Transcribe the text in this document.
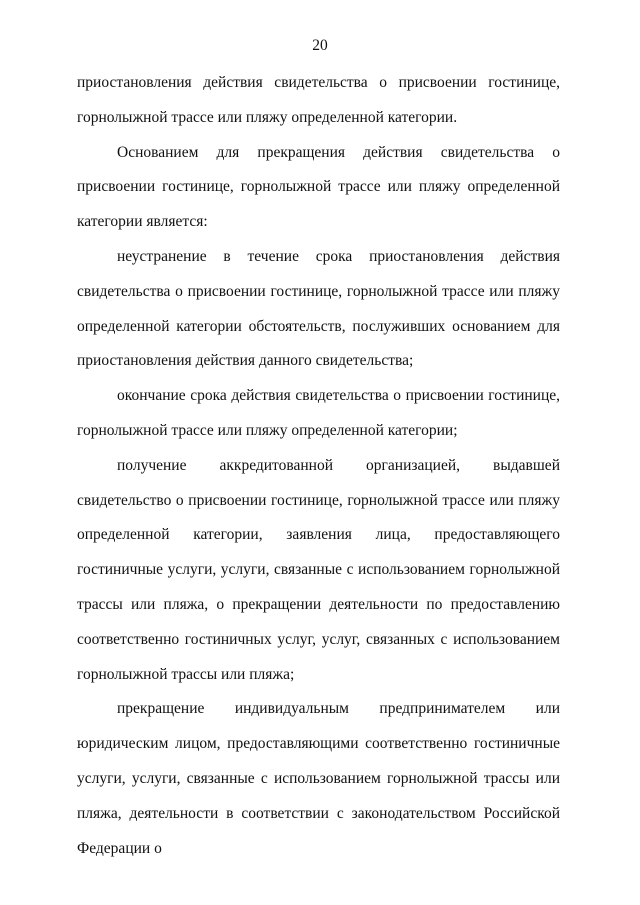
20

приостановления действия свидетельства о присвоении гостинице, горнолыжной трассе или пляжу определенной категории.

Основанием для прекращения действия свидетельства о присвоении гостинице, горнолыжной трассе или пляжу определенной категории является:

неустранение в течение срока приостановления действия свидетельства о присвоении гостинице, горнолыжной трассе или пляжу определенной категории обстоятельств, послуживших основанием для приостановления действия данного свидетельства;

окончание срока действия свидетельства о присвоении гостинице, горнолыжной трассе или пляжу определенной категории;

получение аккредитованной организацией, выдавшей свидетельство о присвоении гостинице, горнолыжной трассе или пляжу определенной категории, заявления лица, предоставляющего гостиничные услуги, услуги, связанные с использованием горнолыжной трассы или пляжа, о прекращении деятельности по предоставлению соответственно гостиничных услуг, услуг, связанных с использованием горнолыжной трассы или пляжа;

прекращение индивидуальным предпринимателем или юридическим лицом, предоставляющими соответственно гостиничные услуги, услуги, связанные с использованием горнолыжной трассы или пляжа, деятельности в соответствии с законодательством Российской Федерации о
